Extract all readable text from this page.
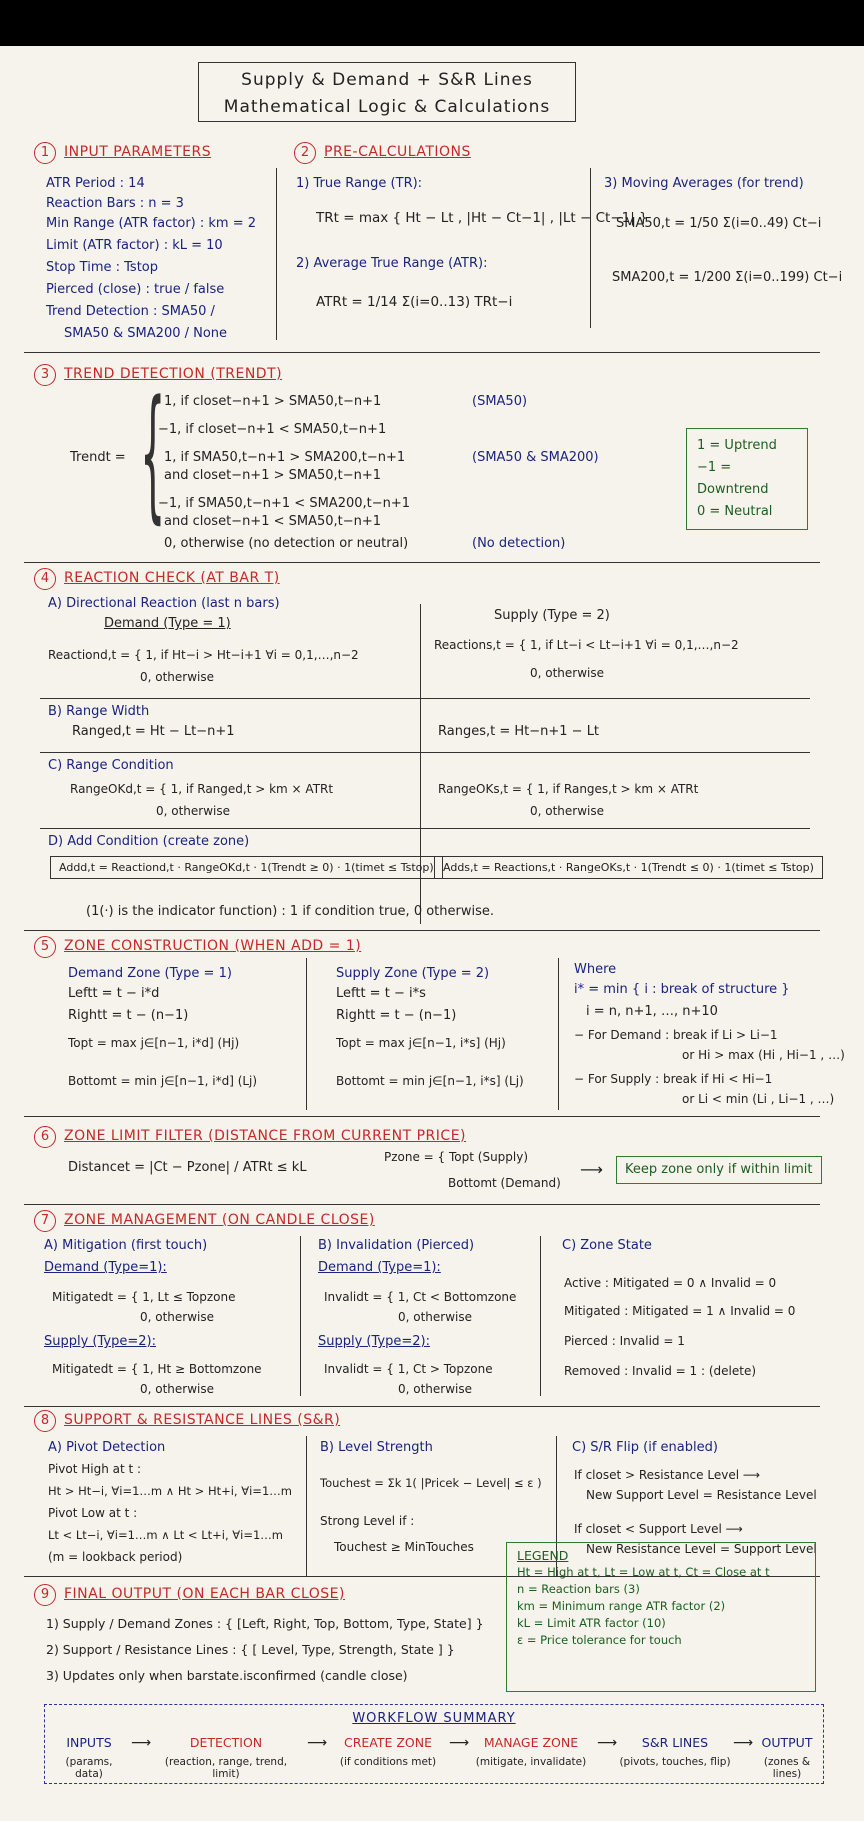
Supply & Demand + S&R Lines
Mathematical Logic & Calculations
1 INPUT PARAMETERS
ATR Period : 14
Reaction Bars : n = 3
Min Range (ATR factor) : km = 2
Limit (ATR factor) : kL = 10
Stop Time : Tstop
Pierced (close) : true / false
Trend Detection : SMA50 /
SMA50 & SMA200 / None
2 PRE-CALCULATIONS
1) True Range (TR):
TRt = max { Ht − Lt , |Ht − Ct−1| , |Lt − Ct−1| }
2) Average True Range (ATR):
ATRt = 1/14 Σ(i=0..13) TRt−i
3) Moving Averages (for trend)
SMA50,t = 1/50 Σ(i=0..49) Ct−i
SMA200,t = 1/200 Σ(i=0..199) Ct−i
3 TREND DETECTION (TRENDT)
Trendt = {
1, if closet−n+1 > SMA50,t−n+1
−1, if closet−n+1 < SMA50,t−n+1
1, if SMA50,t−n+1 > SMA200,t−n+1
and closet−n+1 > SMA50,t−n+1
−1, if SMA50,t−n+1 < SMA200,t−n+1
and closet−n+1 < SMA50,t−n+1
0, otherwise (no detection or neutral)
(SMA50)
(SMA50 & SMA200)
(No detection)
1 = Uptrend
−1 = Downtrend
0 = Neutral
4 REACTION CHECK (AT BAR T)
A) Directional Reaction (last n bars)
Demand (Type = 1)
Supply (Type = 2)
Reactiond,t = { 1, if Ht−i > Ht−i+1 ∀i = 0,1,…,n−2
0, otherwise
Reactions,t = { 1, if Lt−i < Lt−i+1 ∀i = 0,1,…,n−2
0, otherwise
B) Range Width
Ranged,t = Ht − Lt−n+1	Ranges,t = Ht−n+1 − Lt
C) Range Condition
RangeOKd,t = { 1, if Ranged,t > km × ATRt
0, otherwise
RangeOKs,t = { 1, if Ranges,t > km × ATRt
0, otherwise
D) Add Condition (create zone)
Addd,t = Reactiond,t · RangeOKd,t · 1(Trendt ≥ 0) · 1(timet ≤ Tstop) Adds,t = Reactions,t · RangeOKs,t · 1(Trendt ≤ 0) · 1(timet ≤ Tstop)
(1(·) is the indicator function) : 1 if condition true, 0 otherwise.
5 ZONE CONSTRUCTION (WHEN ADD = 1)
Demand Zone (Type = 1)
Leftt = t − i*d
Rightt = t − (n−1)
Topt = max j∈[n−1, i*d] (Hj)
Bottomt = min j∈[n−1, i*d] (Lj)
Supply Zone (Type = 2)
Leftt = t − i*s
Rightt = t − (n−1)
Topt = max j∈[n−1, i*s] (Hj)
Bottomt = min j∈[n−1, i*s] (Lj)
Where
i* = min { i : break of structure }
i = n, n+1, …, n+10
− For Demand : break if Li > Li−1
or Hi > max (Hi , Hi−1 , …)
− For Supply : break if Hi < Hi−1
or Li < min (Li , Li−1 , …)
6 ZONE LIMIT FILTER (DISTANCE FROM CURRENT PRICE)
Distancet = |Ct − Pzone| / ATRt ≤ kL
Pzone = { Topt (Supply)
Bottomt (Demand)
⟶	Keep zone only if within limit
7 ZONE MANAGEMENT (ON CANDLE CLOSE)
A) Mitigation (first touch)
Demand (Type=1):
Mitigatedt = { 1, Lt ≤ Topzone
0, otherwise
Supply (Type=2):
Mitigatedt = { 1, Ht ≥ Bottomzone
0, otherwise
B) Invalidation (Pierced)
Demand (Type=1):
Invalidt = { 1, Ct < Bottomzone
0, otherwise
Supply (Type=2):
Invalidt = { 1, Ct > Topzone
0, otherwise
C) Zone State
Active : Mitigated = 0 ∧ Invalid = 0
Mitigated : Mitigated = 1 ∧ Invalid = 0
Pierced : Invalid = 1
Removed : Invalid = 1 : (delete)
8 SUPPORT & RESISTANCE LINES (S&R)
A) Pivot Detection
Pivot High at t :
Ht > Ht−i, ∀i=1…m ∧ Ht > Ht+i, ∀i=1…m
Pivot Low at t :
Lt < Lt−i, ∀i=1…m ∧ Lt < Lt+i, ∀i=1…m
(m = lookback period)
B) Level Strength
Touchest = Σk 1( |Pricek − Level| ≤ ε )
Strong Level if :
Touchest ≥ MinTouches
C) S/R Flip (if enabled)
If closet > Resistance Level ⟶
New Support Level = Resistance Level
If closet < Support Level ⟶
New Resistance Level = Support Level
9 FINAL OUTPUT (ON EACH BAR CLOSE)
1) Supply / Demand Zones : { [Left, Right, Top, Bottom, Type, State] }
2) Support / Resistance Lines : { [ Level, Type, Strength, State ] }
3) Updates only when barstate.isconfirmed (candle close)
LEGEND
Ht = High at t, Lt = Low at t, Ct = Close at t
n = Reaction bars (3)
km = Minimum range ATR factor (2)
kL = Limit ATR factor (10)
ε = Price tolerance for touch
WORKFLOW SUMMARY
INPUTS
(params, data)
⟶	DETECTION
(reaction, range, trend, limit)
⟶	CREATE ZONE
(if conditions met)
⟶	MANAGE ZONE
(mitigate, invalidate)
⟶	S&R LINES
(pivots, touches, flip)
⟶ OUTPUT
(zones & lines)
